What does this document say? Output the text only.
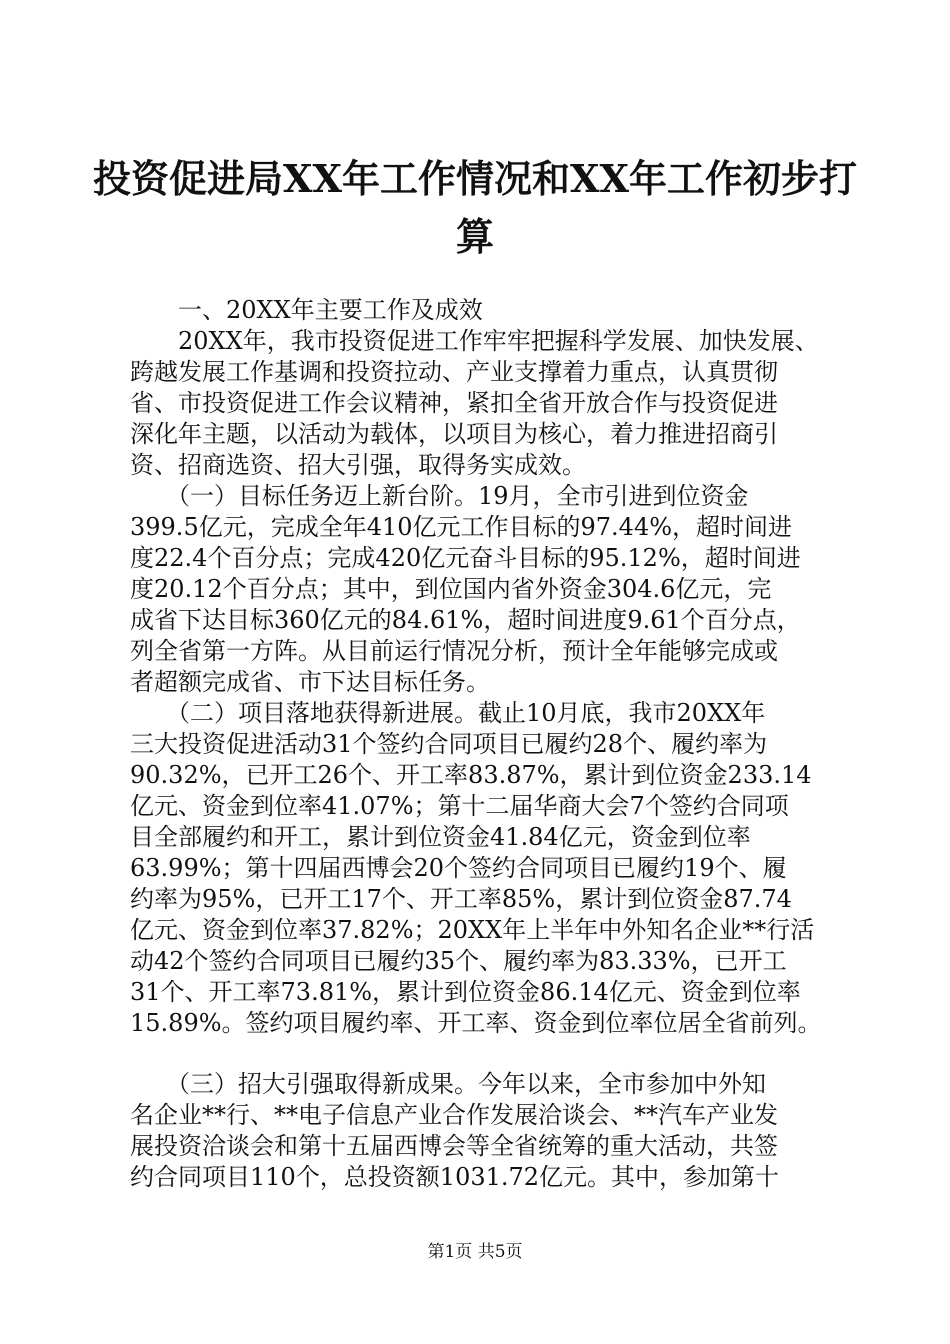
投资促进局XX年工作情况和XX年工作初步打
算
　　一、20XX年主要工作及成效
　　20XX年，我市投资促进工作牢牢把握科学发展、加快发展、
跨越发展工作基调和投资拉动、产业支撑着力重点，认真贯彻
省、市投资促进工作会议精神，紧扣全省开放合作与投资促进
深化年主题，以活动为载体，以项目为核心，着力推进招商引
资、招商选资、招大引强，取得务实成效。
　　（一）目标任务迈上新台阶。19月，全市引进到位资金
399.5亿元，完成全年410亿元工作目标的97.44%，超时间进
度22.4个百分点；完成420亿元奋斗目标的95.12%，超时间进
度20.12个百分点；其中，到位国内省外资金304.6亿元，完
成省下达目标360亿元的84.61%，超时间进度9.61个百分点，
列全省第一方阵。从目前运行情况分析，预计全年能够完成或
者超额完成省、市下达目标任务。
　　（二）项目落地获得新进展。截止10月底，我市20XX年
三大投资促进活动31个签约合同项目已履约28个、履约率为
90.32%，已开工26个、开工率83.87%，累计到位资金233.14
亿元、资金到位率41.07%；第十二届华商大会7个签约合同项
目全部履约和开工，累计到位资金41.84亿元，资金到位率
63.99%；第十四届西博会20个签约合同项目已履约19个、履
约率为95%，已开工17个、开工率85%，累计到位资金87.74
亿元、资金到位率37.82%；20XX年上半年中外知名企业**行活
动42个签约合同项目已履约35个、履约率为83.33%，已开工
31个、开工率73.81%，累计到位资金86.14亿元、资金到位率
15.89%。签约项目履约率、开工率、资金到位率位居全省前列。
　　（三）招大引强取得新成果。今年以来，全市参加中外知
名企业**行、**电子信息产业合作发展洽谈会、**汽车产业发
展投资洽谈会和第十五届西博会等全省统筹的重大活动，共签
约合同项目110个，总投资额1031.72亿元。其中，参加第十
第1页 共5页
